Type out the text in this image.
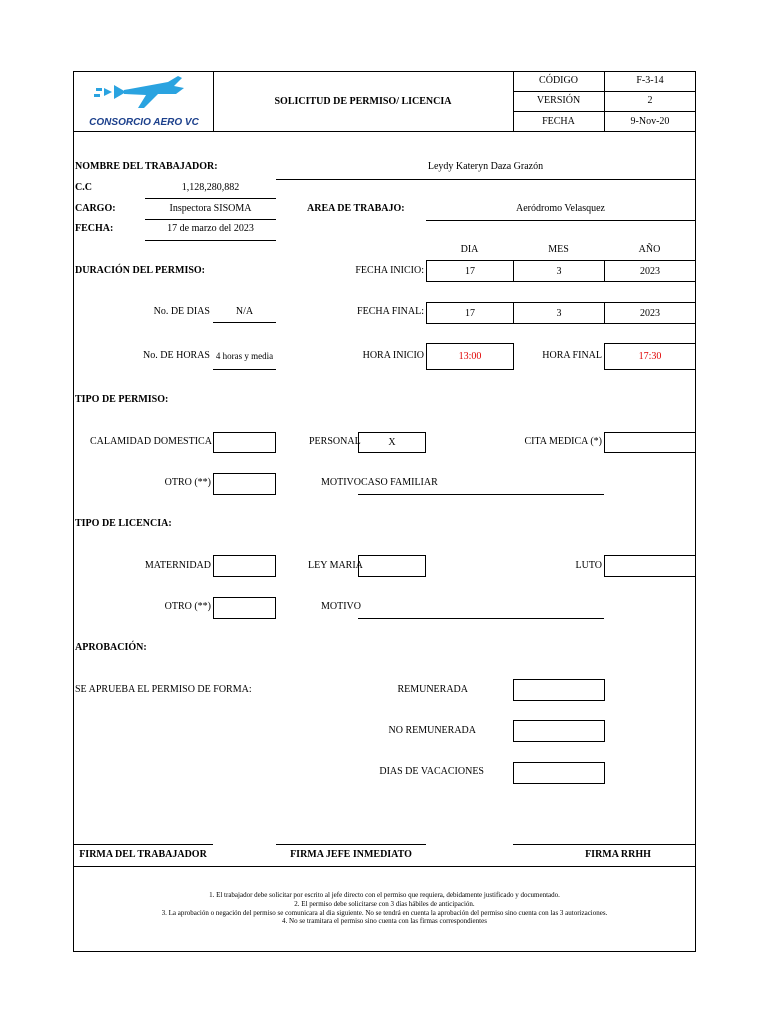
CONSORCIO AERO VC
SOLICITUD DE PERMISO/ LICENCIA
CÓDIGO	F-3-14
VERSIÓN	2
FECHA	9-Nov-20
NOMBRE DEL TRABAJADOR:	Leydy Kateryn Daza Grazón
C.C	1,128,280,882
CARGO:	Inspectora SISOMA	AREA DE TRABAJO:	Aeródromo Velasquez
FECHA:	17 de marzo del 2023
DIA	MES	AÑO
DURACIÓN DEL PERMISO:	FECHA INICIO:	17	3	2023
No. DE DIAS	N/A	FECHA FINAL:	17	3	2023
No. DE HORAS 4 horas y media	HORA INICIO	13:00	HORA FINAL	17:30
TIPO DE PERMISO:
CALAMIDAD DOMESTICA	PERSONAL	X	CITA MEDICA (*)
OTRO (**)	MOTIVO CASO FAMILIAR
TIPO DE LICENCIA:
MATERNIDAD	LEY MARIA	LUTO
OTRO (**)	MOTIVO
APROBACIÓN:
SE APRUEBA EL PERMISO DE FORMA:	REMUNERADA
NO REMUNERADA
DIAS DE VACACIONES
FIRMA DEL TRABAJADOR	FIRMA JEFE INMEDIATO	FIRMA RRHH
1. El trabajador debe solicitar por escrito al jefe directo con el permiso que requiera, debidamente justificado y documentado.
2. El permiso debe solicitarse con 3 días hábiles de anticipación.
3. La aprobación o negación del permiso se comunicara al dia siguiente. No se tendrá en cuenta la aprobación del permiso sino cuenta con las 3 autorizaciones.
4. No se tramitara el permiso sino cuenta con las firmas correspondientes
